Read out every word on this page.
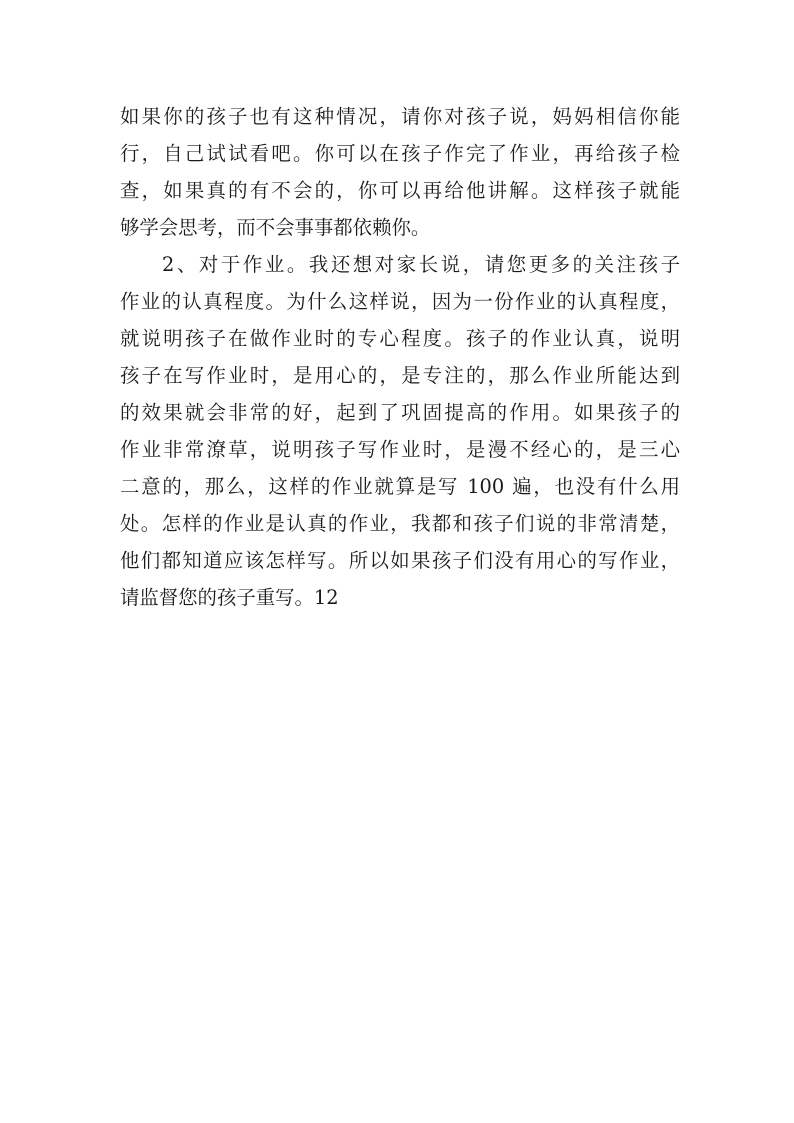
如果你的孩子也有这种情况，请你对孩子说，妈妈相信你能
行，自己试试看吧。你可以在孩子作完了作业，再给孩子检
查，如果真的有不会的，你可以再给他讲解。这样孩子就能
够学会思考，而不会事事都依赖你。
2、对于作业。我还想对家长说，请您更多的关注孩子
作业的认真程度。为什么这样说，因为一份作业的认真程度，
就说明孩子在做作业时的专心程度。孩子的作业认真，说明
孩子在写作业时，是用心的，是专注的，那么作业所能达到
的效果就会非常的好，起到了巩固提高的作用。如果孩子的
作业非常潦草，说明孩子写作业时，是漫不经心的，是三心
二意的，那么，这样的作业就算是写 100 遍，也没有什么用
处。怎样的作业是认真的作业，我都和孩子们说的非常清楚，
他们都知道应该怎样写。所以如果孩子们没有用心的写作业，
请监督您的孩子重写。12
